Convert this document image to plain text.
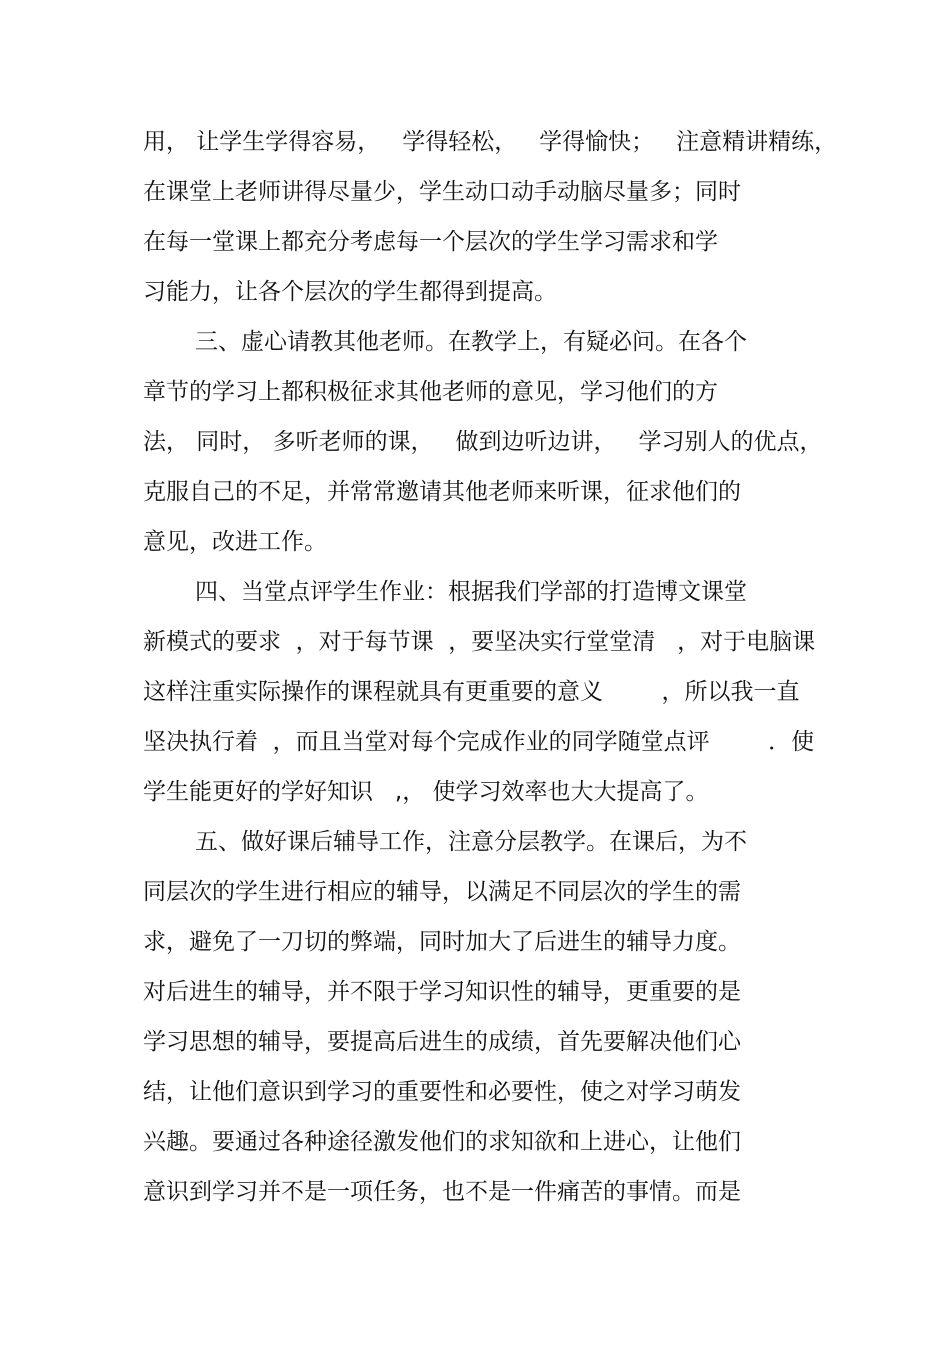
用， 让学生学得容易，   学得轻松，   学得愉快；   注意精讲精练，
在课堂上老师讲得尽量少，学生动口动手动脑尽量多；同时
在每一堂课上都充分考虑每一个层次的学生学习需求和学
习能力，让各个层次的学生都得到提高。
三、虚心请教其他老师。在教学上，有疑必问。在各个
章节的学习上都积极征求其他老师的意见，学习他们的方
法， 同时， 多听老师的课，   做到边听边讲，   学习别人的优点，
克服自己的不足，并常常邀请其他老师来听课，征求他们的
意见，改进工作。
四、当堂点评学生作业：根据我们学部的打造博文课堂
新模式的要求  ，对于每节课  ，要坚决实行堂堂清   ，对于电脑课
这样注重实际操作的课程就具有更重要的意义        ，所以我一直
坚决执行着  ，而且当堂对每个完成作业的同学随堂点评        ．使
学生能更好的学好知识   ,， 使学习效率也大大提高了。
五、做好课后辅导工作，注意分层教学。在课后，为不
同层次的学生进行相应的辅导，以满足不同层次的学生的需
求，避免了一刀切的弊端，同时加大了后进生的辅导力度。
对后进生的辅导，并不限于学习知识性的辅导，更重要的是
学习思想的辅导，要提高后进生的成绩，首先要解决他们心
结，让他们意识到学习的重要性和必要性，使之对学习萌发
兴趣。要通过各种途径激发他们的求知欲和上进心，让他们
意识到学习并不是一项任务，也不是一件痛苦的事情。而是
